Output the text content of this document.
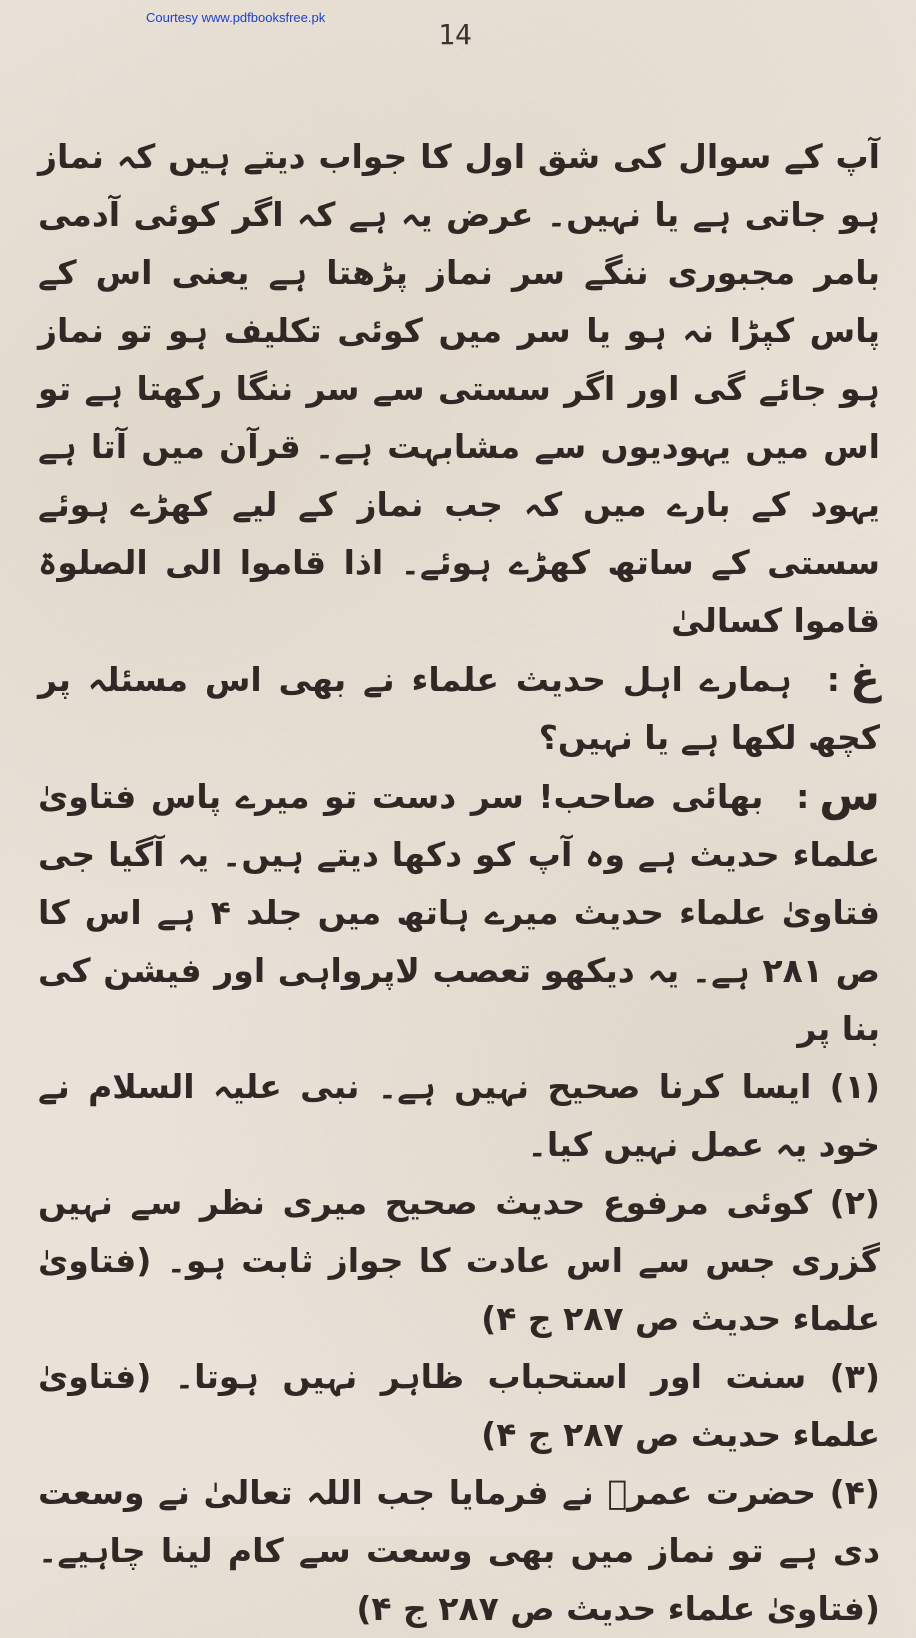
Courtesy www.pdfbooksfree.pk
14

آپ کے سوال کی شق اول کا جواب دیتے ہیں کہ نماز ہو جاتی ہے یا نہیں۔ عرض یہ ہے کہ اگر کوئی آدمی بامر مجبوری ننگے سر نماز پڑھتا ہے یعنی اس کے پاس کپڑا نہ ہو یا سر میں کوئی تکلیف ہو تو نماز ہو جائے گی اور اگر سستی سے سر ننگا رکھتا ہے تو اس میں یہودیوں سے مشابہت ہے۔ قرآن میں آتا ہے یہود کے بارے میں کہ جب نماز کے لیے کھڑے ہوئے سستی کے ساتھ کھڑے ہوئے۔ اذا قاموا الی الصلوۃ قاموا کسالیٰ

غ: ہمارے اہل حدیث علماء نے بھی اس مسئلہ پر کچھ لکھا ہے یا نہیں؟

س: بھائی صاحب! سر دست تو میرے پاس فتاویٰ علماء حدیث ہے وہ آپ کو دکھا دیتے ہیں۔ یہ آگیا جی فتاویٰ علماء حدیث میرے ہاتھ میں جلد ۴ ہے اس کا ص ۲۸۱ ہے۔ یہ دیکھو تعصب لاپرواہی اور فیشن کی بنا پر

(۱) ایسا کرنا صحیح نہیں ہے۔ نبی علیہ السلام نے خود یہ عمل نہیں کیا۔

(۲) کوئی مرفوع حدیث صحیح میری نظر سے نہیں گزری جس سے اس عادت کا جواز ثابت ہو۔ (فتاویٰ علماء حدیث ص ۲۸۷ ج ۴)

(۳) سنت اور استحباب ظاہر نہیں ہوتا۔ (فتاویٰ علماء حدیث ص ۲۸۷ ج ۴)

(۴) حضرت عمرؓ نے فرمایا جب اللہ تعالیٰ نے وسعت دی ہے تو نماز میں بھی وسعت سے کام لینا چاہیے۔ (فتاویٰ علماء حدیث ص ۲۸۷ ج ۴)
